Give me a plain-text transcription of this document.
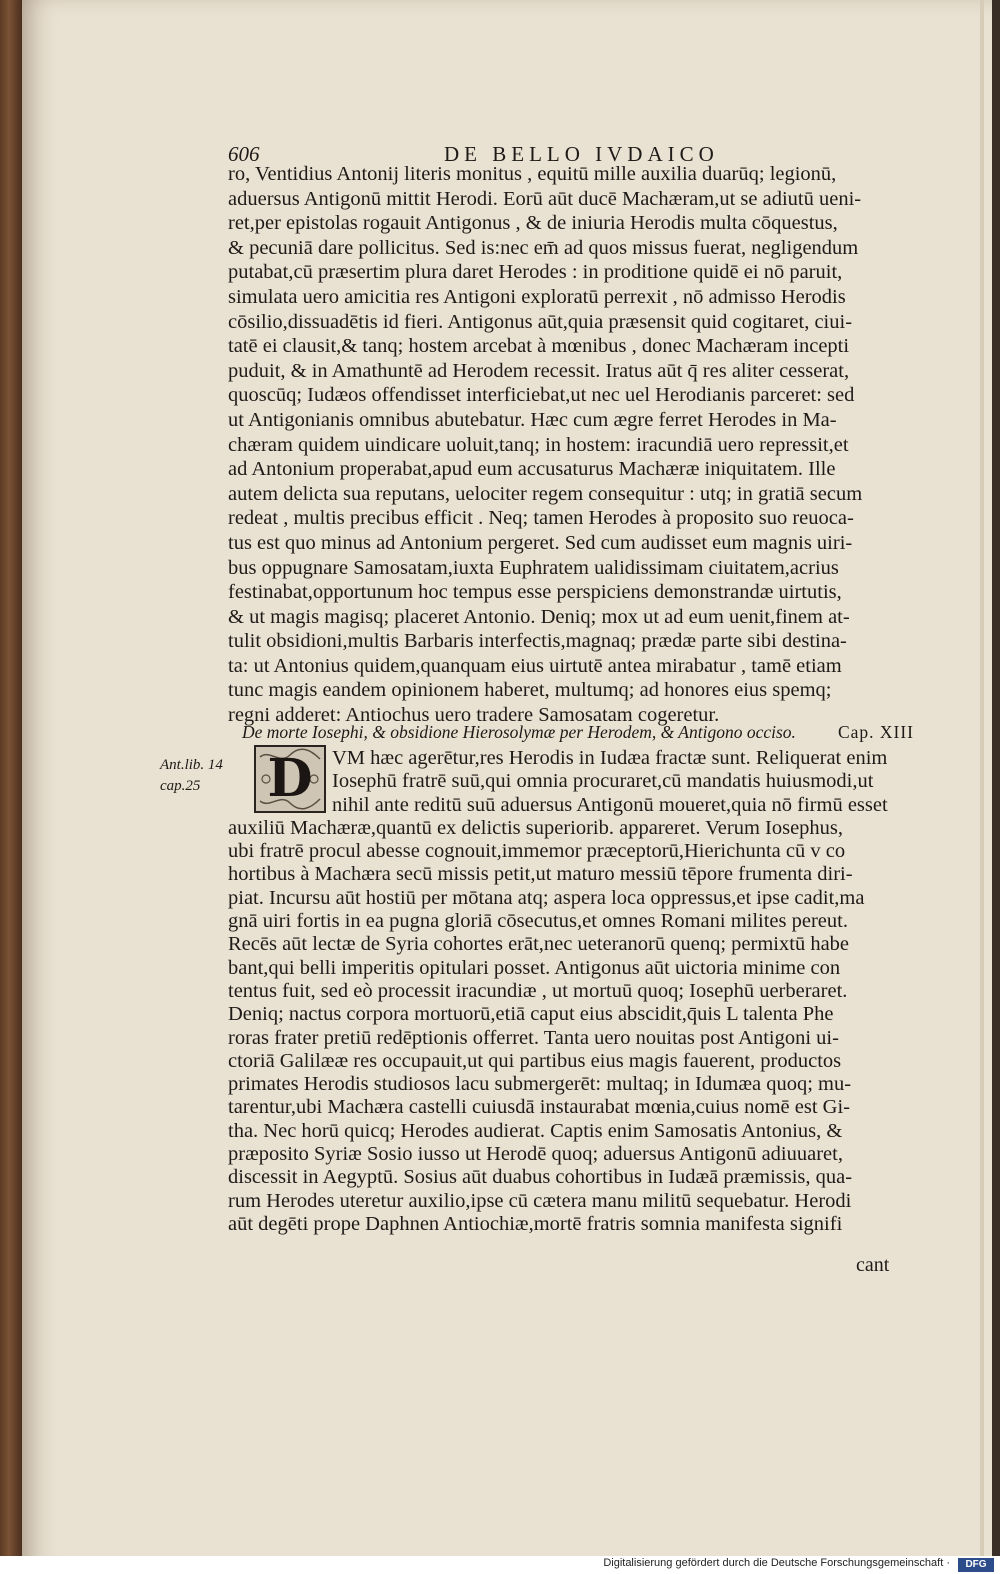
606	DE BELLO IVDAICO
ro, Ventidius Antonij literis monitus , equitū mille auxilia duarūq; legionū,
aduersus Antigonū mittit Herodi. Eorū aūt ducē Machæram,ut se adiutū ueni-
ret,per epistolas rogauit Antigonus , & de iniuria Herodis multa cōquestus,
& pecuniā dare pollicitus. Sed is:nec em̄ ad quos missus fuerat, negligendum
putabat,cū præsertim plura daret Herodes : in proditione quidē ei nō paruit,
simulata uero amicitia res Antigoni exploratū perrexit , nō admisso Herodis
cōsilio,dissuadētis id fieri. Antigonus aūt,quia præsensit quid cogitaret, ciui-
tatē ei clausit,& tanq; hostem arcebat à mœnibus , donec Machæram incepti
puduit, & in Amathuntē ad Herodem recessit. Iratus aūt q̄ res aliter cesserat,
quoscūq; Iudæos offendisset interficiebat,ut nec uel Herodianis parceret: sed
ut Antigonianis omnibus abutebatur. Hæc cum ægre ferret Herodes in Ma-
chæram quidem uindicare uoluit,tanq; in hostem: iracundiā uero repressit,et
ad Antonium properabat,apud eum accusaturus Machæræ iniquitatem. Ille
autem delicta sua reputans, uelociter regem consequitur : utq; in gratiā secum
redeat , multis precibus efficit . Neq; tamen Herodes à proposito suo reuoca-
tus est quo minus ad Antonium pergeret. Sed cum audisset eum magnis uiri-
bus oppugnare Samosatam,iuxta Euphratem ualidissimam ciuitatem,acrius
festinabat,opportunum hoc tempus esse perspiciens demonstrandæ uirtutis,
& ut magis magisq; placeret Antonio. Deniq; mox ut ad eum uenit,finem at-
tulit obsidioni,multis Barbaris interfectis,magnaq; prædæ parte sibi destina-
ta: ut Antonius quidem,quanquam eius uirtutē antea mirabatur , tamē etiam
tunc magis eandem opinionem haberet, multumq; ad honores eius spemq;
regni adderet: Antiochus uero tradere Samosatam cogeretur.
De morte Iosephi, & obsidione Hierosolymæ per Herodem, & Antigono occiso. Cap. XIII
Ant.lib. 14
cap.25	D VM hæc agerētur,res Herodis in Iudæa fractæ sunt. Reliquerat enim
Iosephū fratrē suū,qui omnia procuraret,cū mandatis huiusmodi,ut
nihil ante reditū suū aduersus Antigonū moueret,quia nō firmū esset
auxiliū Machæræ,quantū ex delictis superiorib. appareret. Verum Iosephus,
ubi fratrē procul abesse cognouit,immemor præceptorū,Hierichunta cū v co
hortibus à Machæra secū missis petit,ut maturo messiū tēpore frumenta diri-
piat. Incursu aūt hostiū per mōtana atq; aspera loca oppressus,et ipse cadit,ma
gnā uiri fortis in ea pugna gloriā cōsecutus,et omnes Romani milites pereut.
Recēs aūt lectæ de Syria cohortes erāt,nec ueteranorū quenq; permixtū habe
bant,qui belli imperitis opitulari posset. Antigonus aūt uictoria minime con
tentus fuit, sed eò processit iracundiæ , ut mortuū quoq; Iosephū uerberaret.
Deniq; nactus corpora mortuorū,etiā caput eius abscidit,q̄uis L talenta Phe
roras frater pretiū redēptionis offerret. Tanta uero nouitas post Antigoni ui-
ctoriā Galilææ res occupauit,ut qui partibus eius magis fauerent, productos
primates Herodis studiosos lacu submergerēt: multaq; in Idumæa quoq; mu-
tarentur,ubi Machæra castelli cuiusdā instaurabat mœnia,cuius nomē est Gi-
tha. Nec horū quicq; Herodes audierat. Captis enim Samosatis Antonius, &
præposito Syriæ Sosio iusso ut Herodē quoq; aduersus Antigonū adiuuaret,
discessit in Aegyptū. Sosius aūt duabus cohortibus in Iudæā præmissis, qua-
rum Herodes uteretur auxilio,ipse cū cætera manu militū sequebatur. Herodi
aūt degēti prope Daphnen Antiochiæ,mortē fratris somnia manifesta signifi
cant
Digitalisierung gefördert durch die Deutsche Forschungsgemeinschaft ·	DFG
